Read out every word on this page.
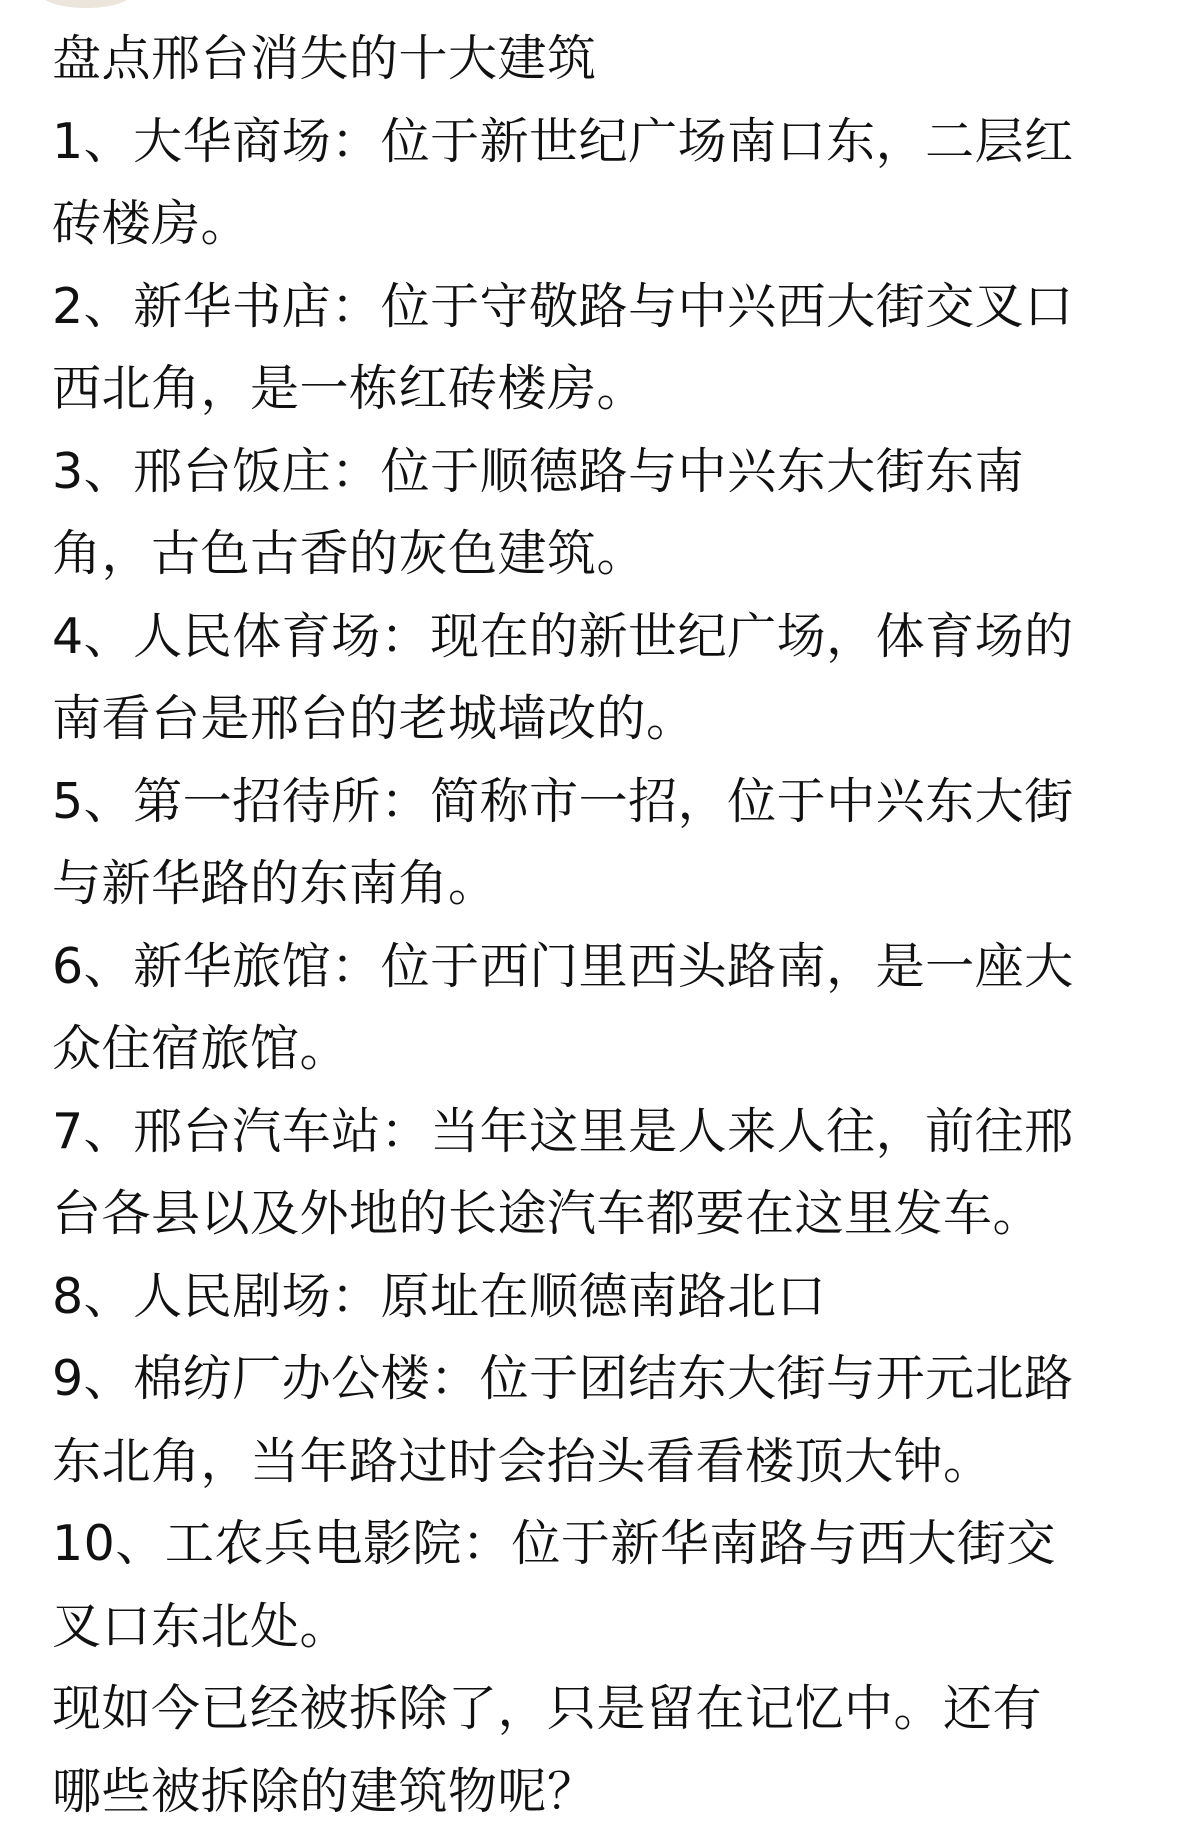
盘点邢台消失的十大建筑
1、大华商场：位于新世纪广场南口东，二层红
砖楼房。
2、新华书店：位于守敬路与中兴西大街交叉口
西北角，是一栋红砖楼房。
3、邢台饭庄：位于顺德路与中兴东大街东南
角，古色古香的灰色建筑。
4、人民体育场：现在的新世纪广场，体育场的
南看台是邢台的老城墙改的。
5、第一招待所：简称市一招，位于中兴东大街
与新华路的东南角。
6、新华旅馆：位于西门里西头路南，是一座大
众住宿旅馆。
7、邢台汽车站：当年这里是人来人往，前往邢
台各县以及外地的长途汽车都要在这里发车。
8、人民剧场：原址在顺德南路北口
9、棉纺厂办公楼：位于团结东大街与开元北路
东北角，当年路过时会抬头看看楼顶大钟。
10、工农兵电影院：位于新华南路与西大街交
叉口东北处。
现如今已经被拆除了，只是留在记忆中。还有
哪些被拆除的建筑物呢？
